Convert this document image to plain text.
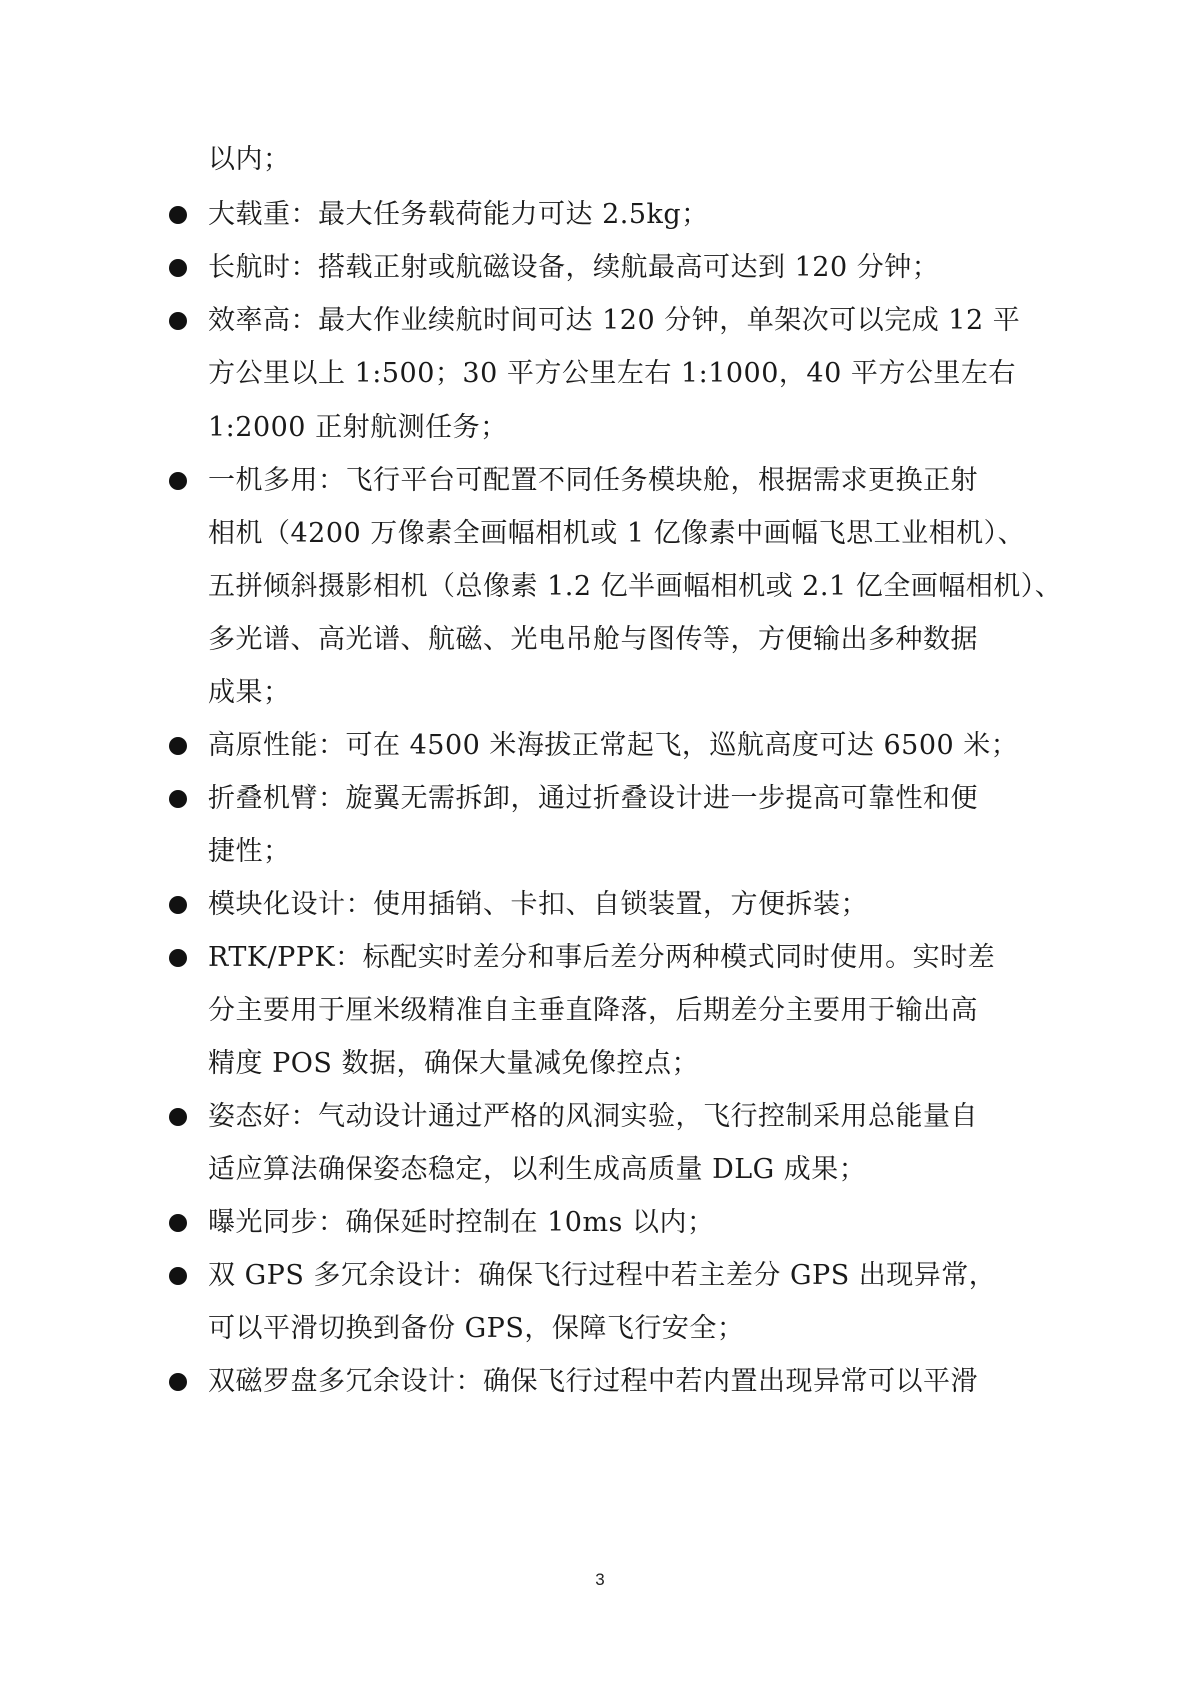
以内；
大载重：最大任务载荷能力可达 2.5kg；
长航时：搭载正射或航磁设备，续航最高可达到 120 分钟；
效率高：最大作业续航时间可达 120 分钟，单架次可以完成 12 平
方公里以上 1:500；30 平方公里左右 1:1000，40 平方公里左右
1:2000 正射航测任务；
一机多用：飞行平台可配置不同任务模块舱，根据需求更换正射
相机（4200 万像素全画幅相机或 1 亿像素中画幅飞思工业相机）、
五拼倾斜摄影相机（总像素 1.2 亿半画幅相机或 2.1 亿全画幅相机）、
多光谱、高光谱、航磁、光电吊舱与图传等，方便输出多种数据
成果；
高原性能：可在 4500 米海拔正常起飞，巡航高度可达 6500 米；
折叠机臂：旋翼无需拆卸，通过折叠设计进一步提高可靠性和便
捷性；
模块化设计：使用插销、卡扣、自锁装置，方便拆装；
RTK/PPK：标配实时差分和事后差分两种模式同时使用。实时差
分主要用于厘米级精准自主垂直降落，后期差分主要用于输出高
精度 POS 数据，确保大量减免像控点；
姿态好：气动设计通过严格的风洞实验，飞行控制采用总能量自
适应算法确保姿态稳定，以利生成高质量 DLG 成果；
曝光同步：确保延时控制在 10ms 以内；
双 GPS 多冗余设计：确保飞行过程中若主差分 GPS 出现异常，
可以平滑切换到备份 GPS，保障飞行安全；
双磁罗盘多冗余设计：确保飞行过程中若内置出现异常可以平滑
3
